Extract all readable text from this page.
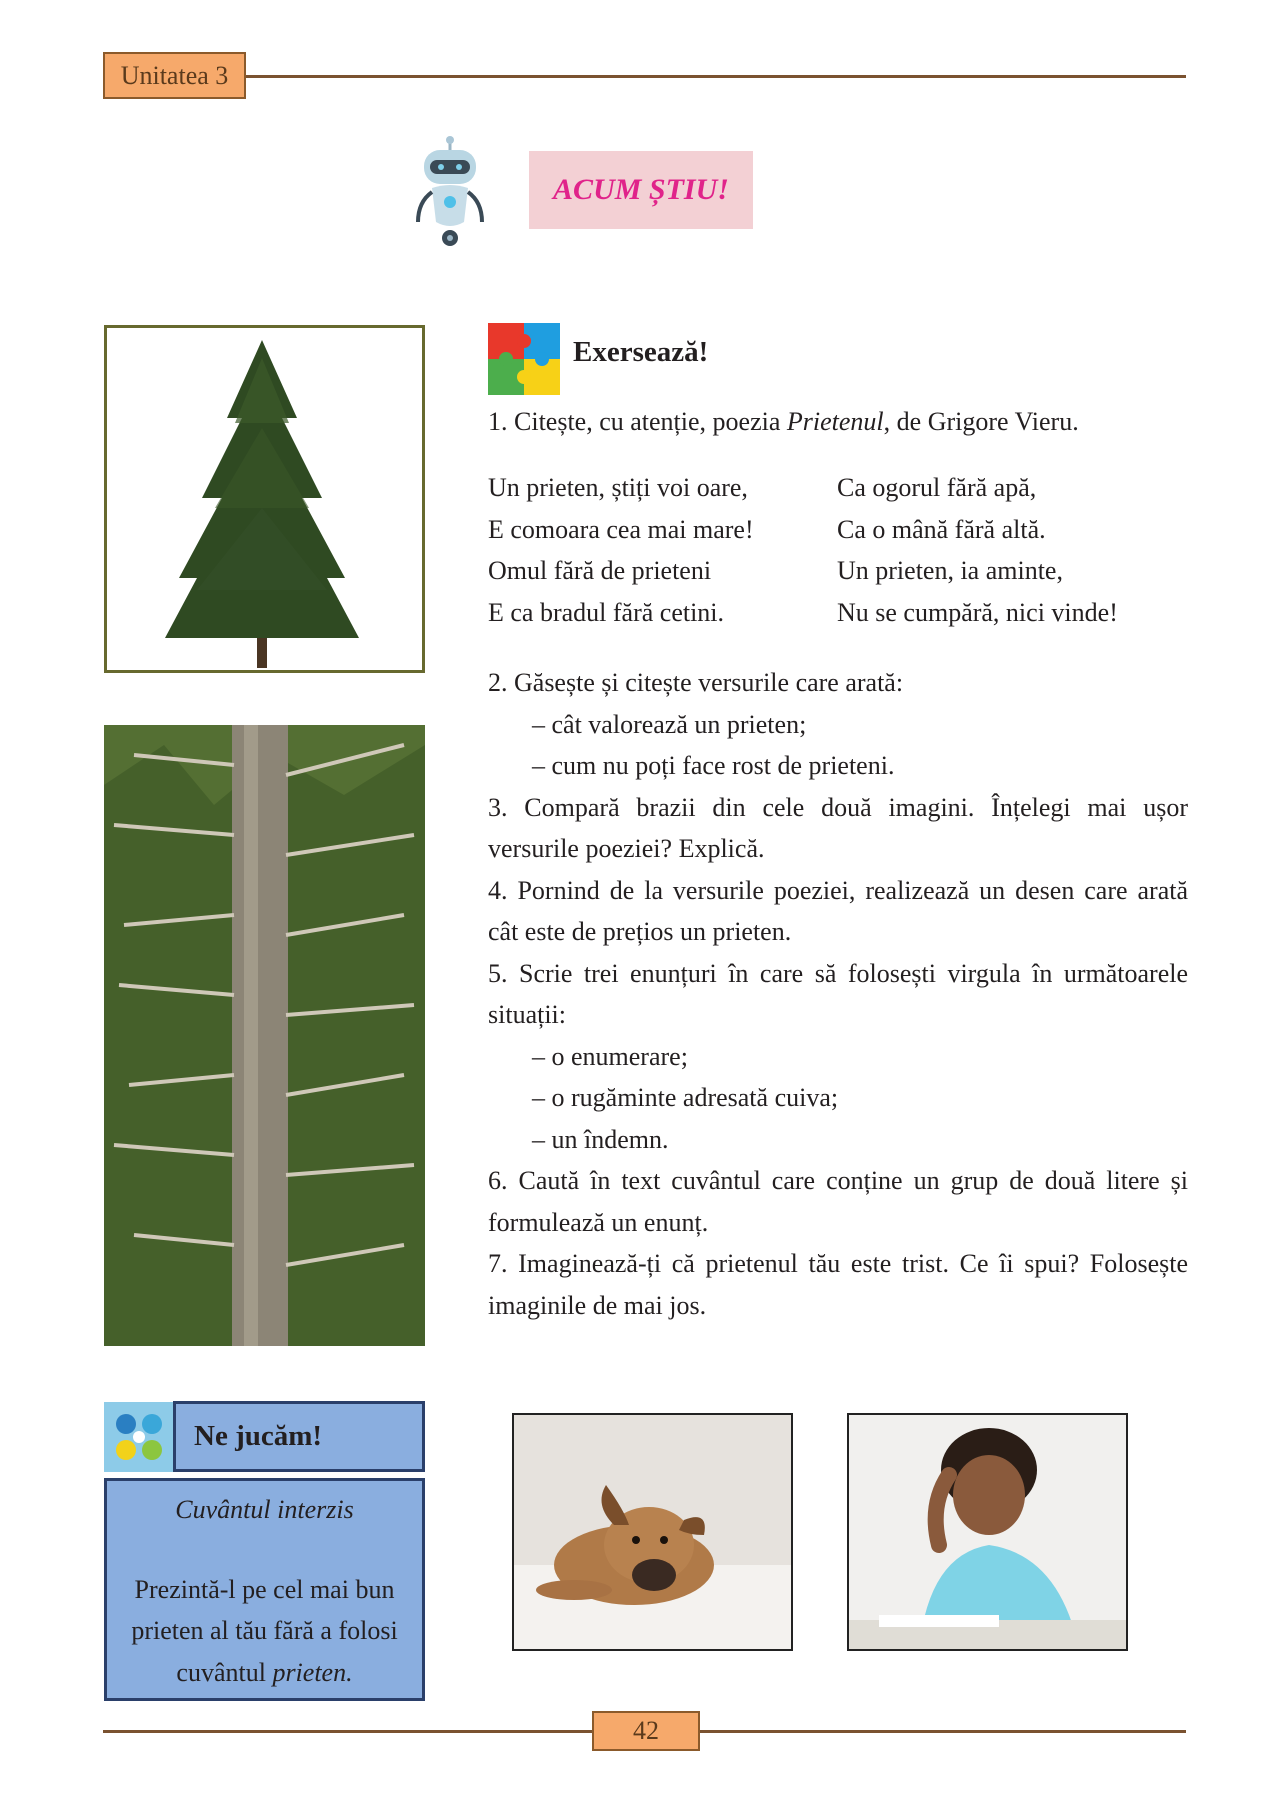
Unitatea 3
ACUM ȘTIU!
Exersează!
1. Citește, cu atenție, poezia Prietenul, de Grigore Vieru.
Un prieten, știți voi oare,
E comoara cea mai mare!
Omul fără de prieteni
E ca bradul fără cetini.
Ca ogorul fără apă,
Ca o mână fără altă.
Un prieten, ia aminte,
Nu se cumpără, nici vinde!

2. Găsește și citește versurile care arată:

– cât valorează un prieten;

– cum nu poți face rost de prieteni.

3. Compară brazii din cele două imagini. Înțelegi mai ușor versurile poeziei? Explică.

4. Pornind de la versurile poeziei, realizează un desen care arată cât este de prețios un prieten.

5. Scrie trei enunțuri în care să folosești virgula în următoarele situații:

– o enumerare;

– o rugăminte adresată cuiva;

– un îndemn.

6. Caută în text cuvântul care conține un grup de două litere și formulează un enunț.

7. Imaginează-ți că prietenul tău este trist. Ce îi spui? Folosește imaginile de mai jos.

Ne jucăm!
Cuvântul interzis
Prezintă-l pe cel mai bun prieten al tău fără a folosi cuvântul prieten.
42
